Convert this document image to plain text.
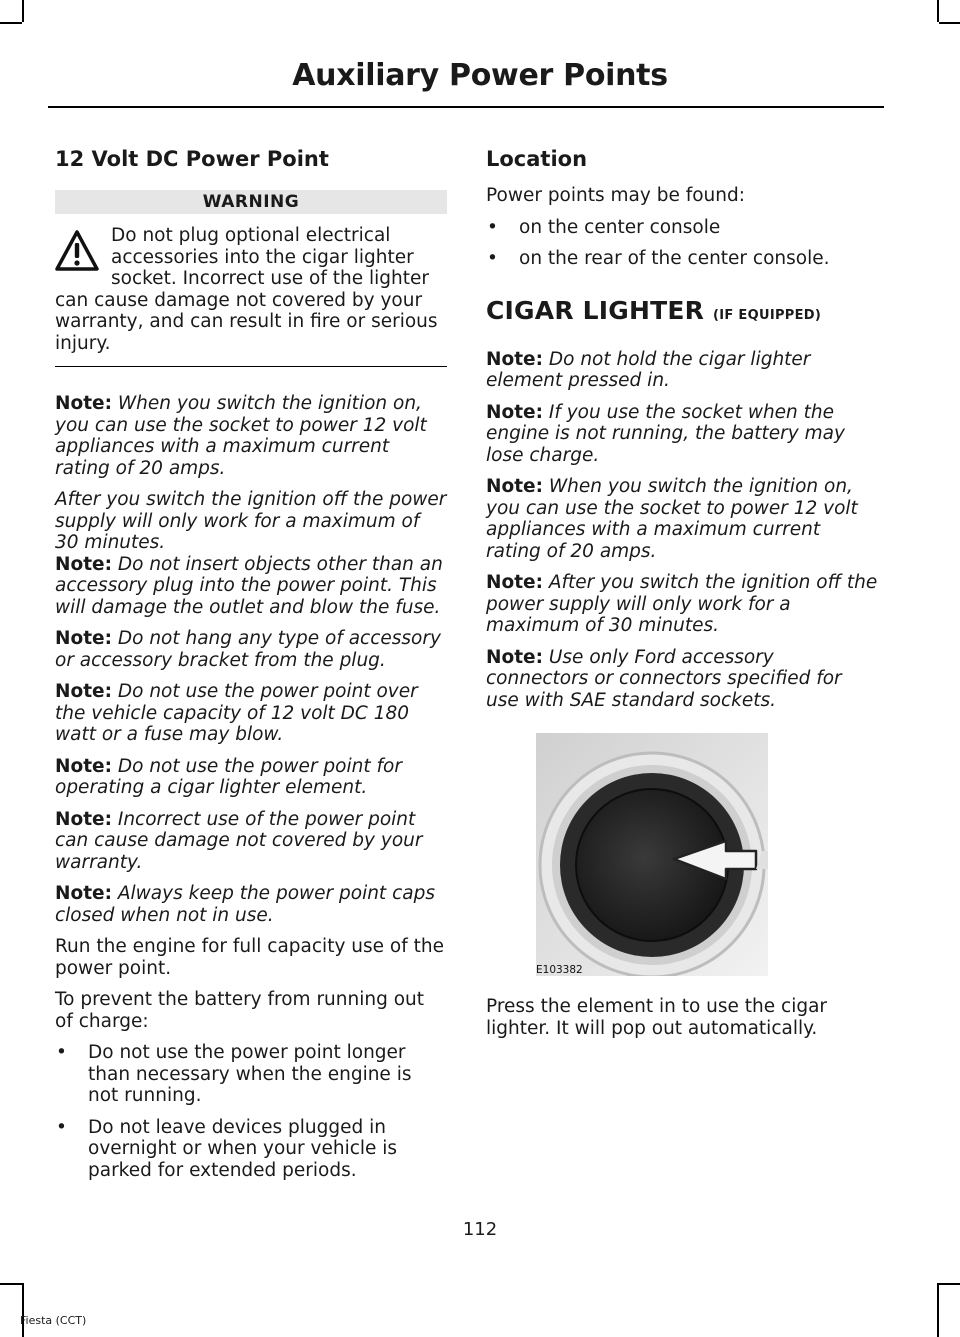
Auxiliary Power Points
12 Volt DC Power Point
WARNING
Do not plug optional electrical accessories into the cigar lighter socket. Incorrect use of the lighter can cause damage not covered by your warranty, and can result in fire or serious injury.

Note: When you switch the ignition on, you can use the socket to power 12 volt appliances with a maximum current rating of 20 amps.

After you switch the ignition off the power supply will only work for a maximum of 30 minutes.

Note: Do not insert objects other than an accessory plug into the power point. This will damage the outlet and blow the fuse.

Note: Do not hang any type of accessory or accessory bracket from the plug.

Note: Do not use the power point over the vehicle capacity of 12 volt DC 180 watt or a fuse may blow.

Note: Do not use the power point for operating a cigar lighter element.

Note: Incorrect use of the power point can cause damage not covered by your warranty.

Note: Always keep the power point caps closed when not in use.

Run the engine for full capacity use of the power point.

To prevent the battery from running out of charge:

• Do not use the power point longer than necessary when the engine is not running.

• Do not leave devices plugged in overnight or when your vehicle is parked for extended periods.

Location

Power points may be found:

• on the center console

• on the rear of the center console.

CIGAR LIGHTER (IF EQUIPPED)

Note: Do not hold the cigar lighter element pressed in.

Note: If you use the socket when the engine is not running, the battery may lose charge.

Note: When you switch the ignition on, you can use the socket to power 12 volt appliances with a maximum current rating of 20 amps.

Note: After you switch the ignition off the power supply will only work for a maximum of 30 minutes.

Note: Use only Ford accessory connectors or connectors specified for use with SAE standard sockets.

E103382

Press the element in to use the cigar lighter. It will pop out automatically.

112
Fiesta (CCT)
